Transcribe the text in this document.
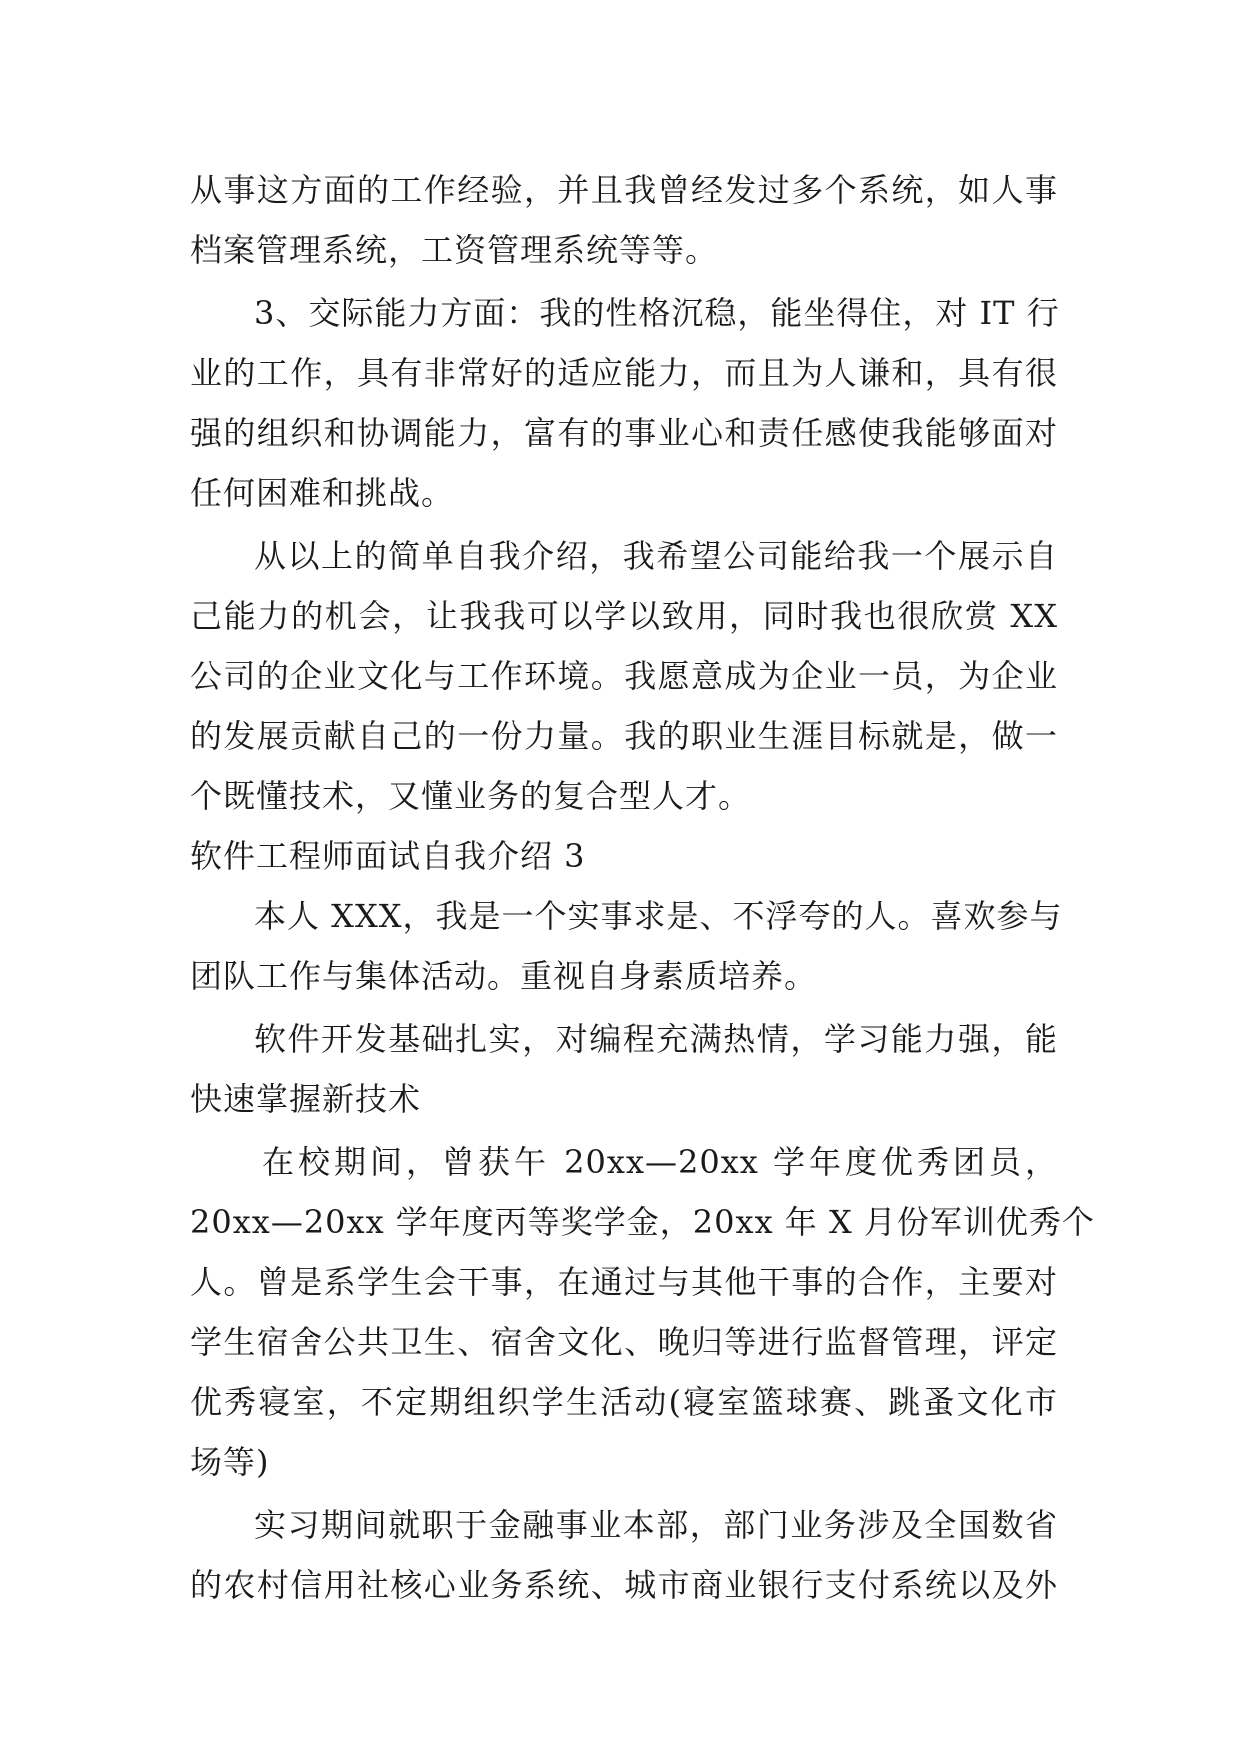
从事这方面的工作经验，并且我曾经发过多个系统，如人事
档案管理系统，工资管理系统等等。
3、交际能力方面：我的性格沉稳，能坐得住，对 IT 行
业的工作，具有非常好的适应能力，而且为人谦和，具有很
强的组织和协调能力，富有的事业心和责任感使我能够面对
任何困难和挑战。
从以上的简单自我介绍，我希望公司能给我一个展示自
己能力的机会，让我我可以学以致用，同时我也很欣赏 XX
公司的企业文化与工作环境。我愿意成为企业一员，为企业
的发展贡献自己的一份力量。我的职业生涯目标就是，做一
个既懂技术，又懂业务的复合型人才。
软件工程师面试自我介绍 3
本人 XXX，我是一个实事求是、不浮夸的人。喜欢参与
团队工作与集体活动。重视自身素质培养。
软件开发基础扎实，对编程充满热情，学习能力强，能
快速掌握新技术
在校期间，曾获午 20xx—20xx 学年度优秀团员，
20xx—20xx 学年度丙等奖学金，20xx 年 X 月份军训优秀个
人。曾是系学生会干事，在通过与其他干事的合作，主要对
学生宿舍公共卫生、宿舍文化、晚归等进行监督管理，评定
优秀寝室，不定期组织学生活动(寝室篮球赛、跳蚤文化市
场等)
实习期间就职于金融事业本部，部门业务涉及全国数省
的农村信用社核心业务系统、城市商业银行支付系统以及外
